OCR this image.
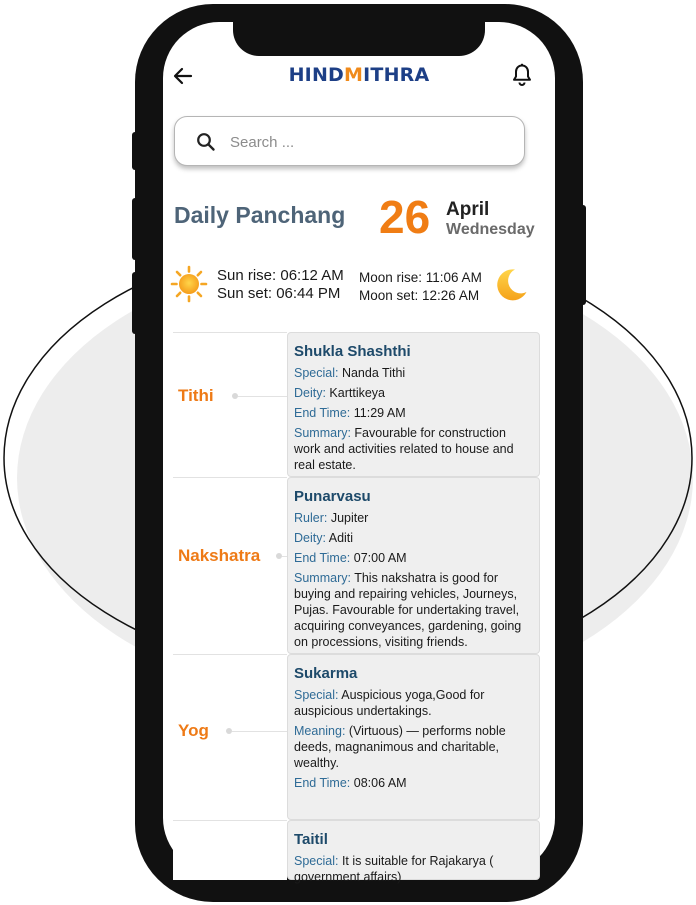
HINDMITHRA
Search ...
Daily Panchang 26 April
Wednesday
Sun rise: 06:12 AM
Sun set: 06:44 PM
Moon rise: 11:06 AM
Moon set: 12:26 AM
Tithi
Shukla Shashthi

Special: Nanda Tithi

Deity: Karttikeya

End Time: 11:29 AM

Summary: Favourable for construction work and activities related to house and real estate.

Nakshatra
Punarvasu

Ruler: Jupiter

Deity: Aditi

End Time: 07:00 AM

Summary: This nakshatra is good for buying and repairing vehicles, Journeys, Pujas. Favourable for undertaking travel, acquiring conveyances, gardening, going on processions, visiting friends.

Yog
Sukarma

Special: Auspicious yoga,Good for auspicious undertakings.

Meaning: (Virtuous) — performs noble deeds, magnanimous and charitable, wealthy.

End Time: 08:06 AM

Taitil

Special: It is suitable for Rajakarya ( government affairs)
